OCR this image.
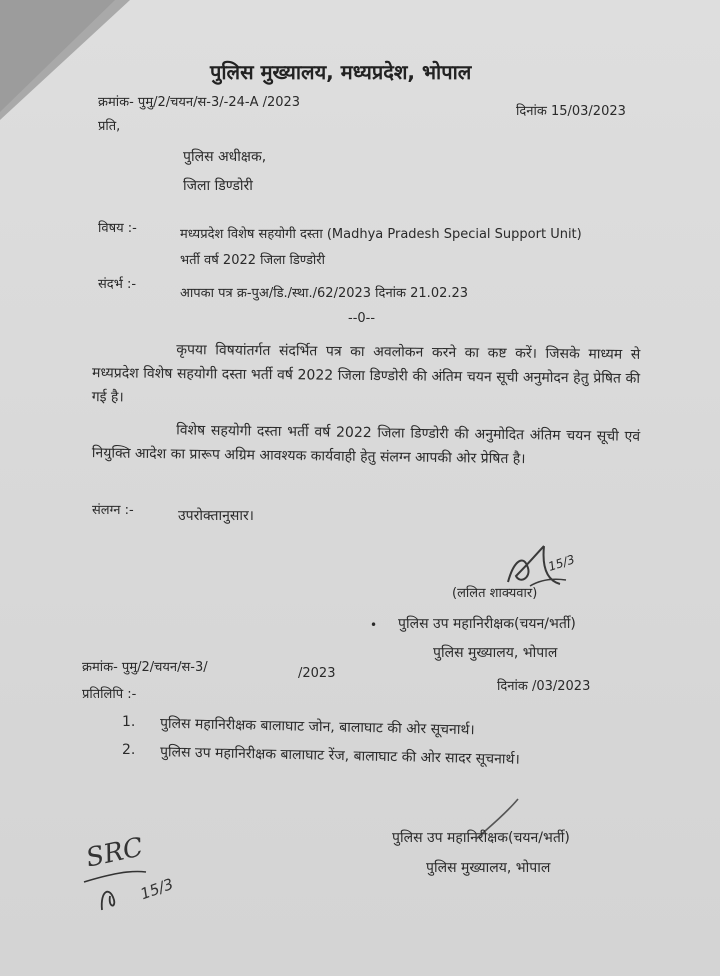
पुलिस मुख्यालय, मध्यप्रदेश, भोपाल
क्रमांक- पुमु/2/चयन/स-3/-24-A /2023
दिनांक 15/03/2023
प्रति,
पुलिस अधीक्षक,
जिला डिण्डोरी
विषय :-	मध्यप्रदेश विशेष सहयोगी दस्ता (Madhya Pradesh Special Support Unit)
भर्ती वर्ष 2022 जिला डिण्डोरी
संदर्भ :-
आपका पत्र क्र-पुअ/डि./स्था./62/2023 दिनांक 21.02.23
--0--
कृपया विषयांतर्गत संदर्भित पत्र का अवलोकन करने का कष्ट करें। जिसके माध्यम से मध्यप्रदेश विशेष सहयोगी दस्ता भर्ती वर्ष 2022 जिला डिण्डोरी की अंतिम चयन सूची अनुमोदन हेतु प्रेषित की गई है।
विशेष सहयोगी दस्ता भर्ती वर्ष 2022 जिला डिण्डोरी की अनुमोदित अंतिम चयन सूची एवं नियुक्ति आदेश का प्रारूप अग्रिम आवश्यक कार्यवाही हेतु संलग्न आपकी ओर प्रेषित है।
संलग्न :-	उपरोक्तानुसार।
15/3
(ललित शाक्यवार)
• पुलिस उप महानिरीक्षक(चयन/भर्ती)
पुलिस मुख्यालय, भोपाल
क्रमांक- पुमु/2/चयन/स-3/	/2023
दिनांक /03/2023
प्रतिलिपि :-
1. पुलिस महानिरीक्षक बालाघाट जोन, बालाघाट की ओर सूचनार्थ।
2. पुलिस उप महानिरीक्षक बालाघाट रेंज, बालाघाट की ओर सादर सूचनार्थ।
पुलिस उप महानिरीक्षक(चयन/भर्ती)
पुलिस मुख्यालय, भोपाल
SRC
15/3
